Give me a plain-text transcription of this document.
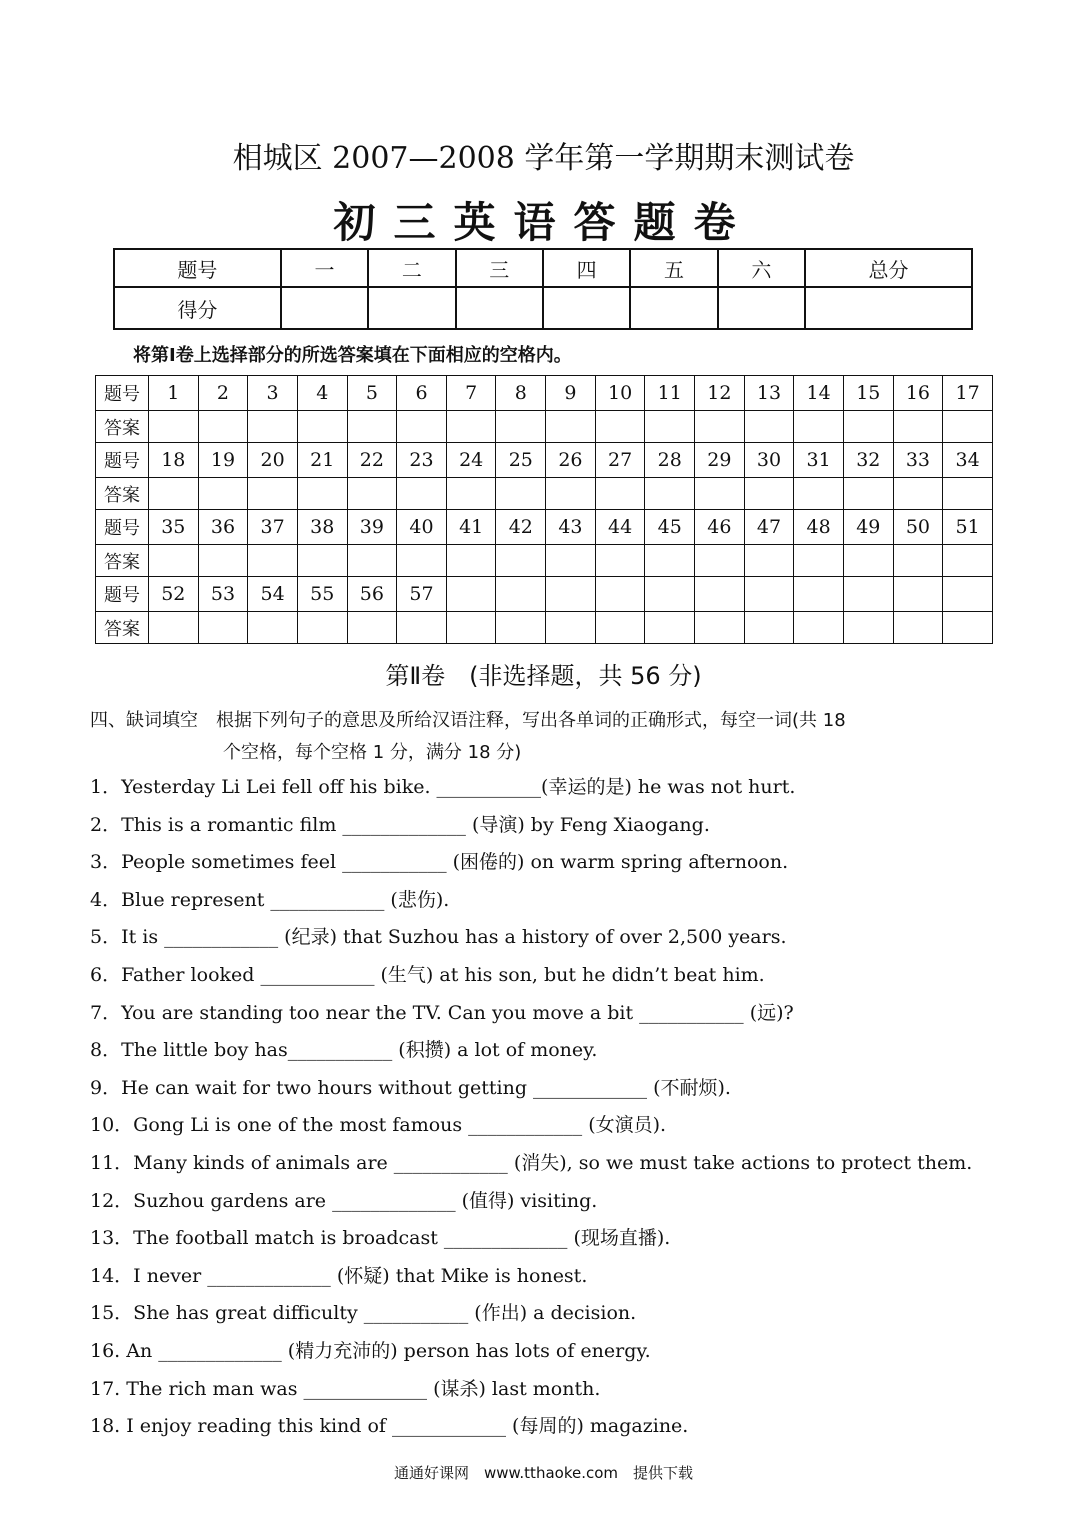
相城区 2007—2008 学年第一学期期末测试卷
初三英语答题卷
题号	一	二	三	四	五	六	总分
得分							
将第Ⅰ卷上选择部分的所选答案填在下面相应的空格内。
题号	1	2	3	4	5	6	7	8	9	10	11	12	13	14	15	16	17
答案																	
题号	18	19	20	21	22	23	24	25	26	27	28	29	30	31	32	33	34
答案																	
题号	35	36	37	38	39	40	41	42	43	44	45	46	47	48	49	50	51
答案																	
题号	52	53	54	55	56	57											
答案																	
第Ⅱ卷　(非选择题，共 56 分)
四、缺词填空　根据下列句子的意思及所给汉语注释，写出各单词的正确形式，每空一词(共 18
个空格，每个空格 1 分，满分 18 分)
1．Yesterday Li Lei fell off his bike. ___________(幸运的是) he was not hurt.
2．This is a romantic film _____________ (导演) by Feng Xiaogang.
3．People sometimes feel ___________ (困倦的) on warm spring afternoon.
4．Blue represent ____________ (悲伤).
5．It is ____________ (纪录) that Suzhou has a history of over 2,500 years.
6．Father looked ____________ (生气) at his son, but he didn’t beat him.
7．You are standing too near the TV. Can you move a bit ___________ (远)?
8．The little boy has___________ (积攒) a lot of money.
9．He can wait for two hours without getting ____________ (不耐烦).
10．Gong Li is one of the most famous ____________ (女演员).
11．Many kinds of animals are ____________ (消失), so we must take actions to protect them.
12．Suzhou gardens are _____________ (值得) visiting.
13．The football match is broadcast _____________ (现场直播).
14．I never _____________ (怀疑) that Mike is honest.
15．She has great difficulty ___________ (作出) a decision.
16. An _____________ (精力充沛的) person has lots of energy.
17. The rich man was _____________ (谋杀) last month.
18. I enjoy reading this kind of ____________ (每周的) magazine.
通通好课网　www.tthaoke.com　提供下载
